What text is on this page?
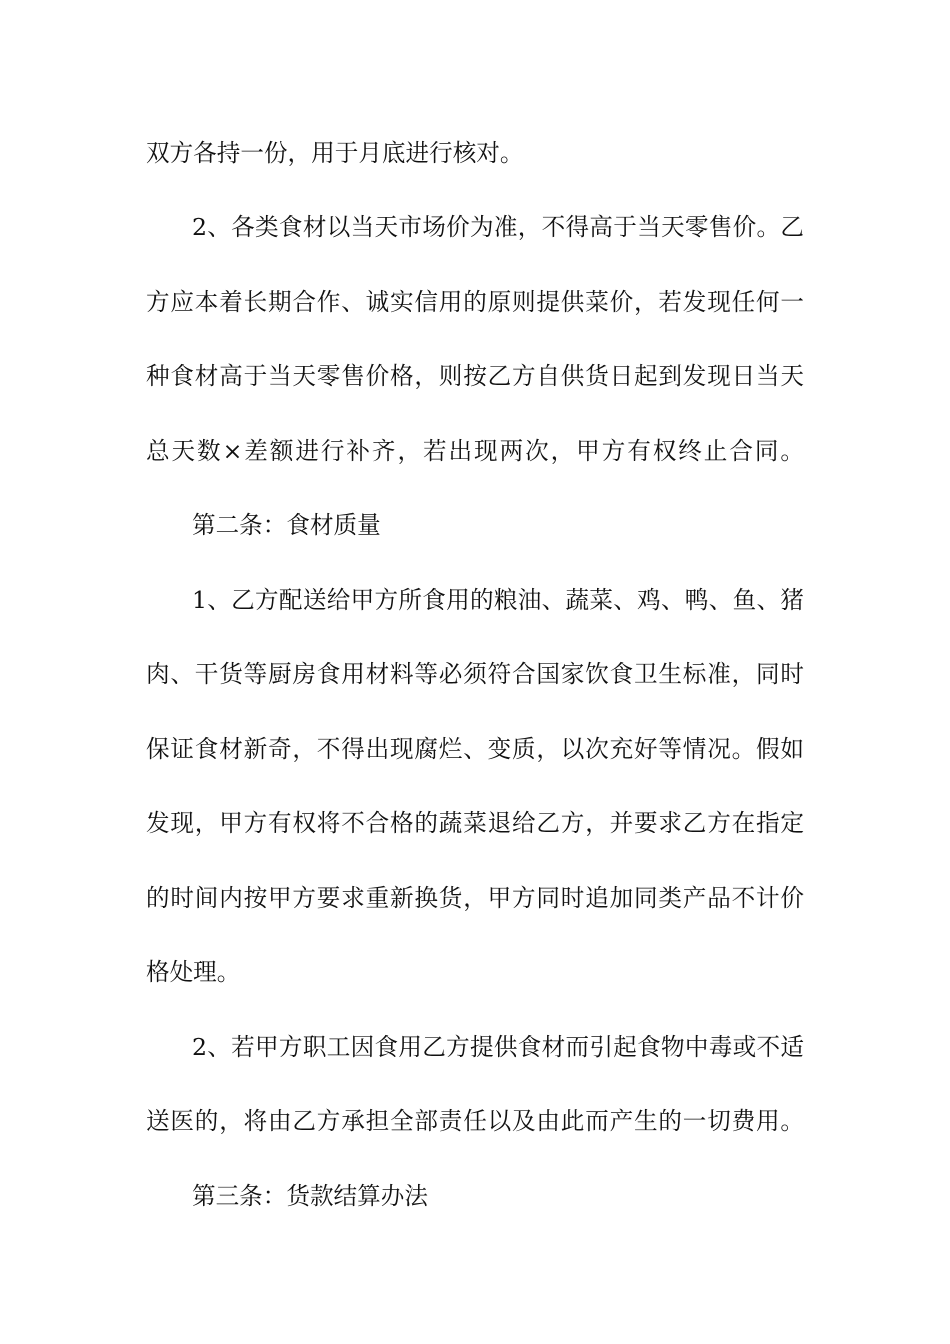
双方各持一份，用于月底进行核对。
2、各类食材以当天市场价为准，不得高于当天零售价。乙
方应本着长期合作、诚实信用的原则提供菜价，若发现任何一
种食材高于当天零售价格，则按乙方自供货日起到发现日当天
总天数×差额进行补齐，若出现两次，甲方有权终止合同。
第二条：食材质量
1、乙方配送给甲方所食用的粮油、蔬菜、鸡、鸭、鱼、猪
肉、干货等厨房食用材料等必须符合国家饮食卫生标准，同时
保证食材新奇，不得出现腐烂、变质，以次充好等情况。假如
发现，甲方有权将不合格的蔬菜退给乙方，并要求乙方在指定
的时间内按甲方要求重新换货，甲方同时追加同类产品不计价
格处理。
2、若甲方职工因食用乙方提供食材而引起食物中毒或不适
送医的，将由乙方承担全部责任以及由此而产生的一切费用。
第三条：货款结算办法
